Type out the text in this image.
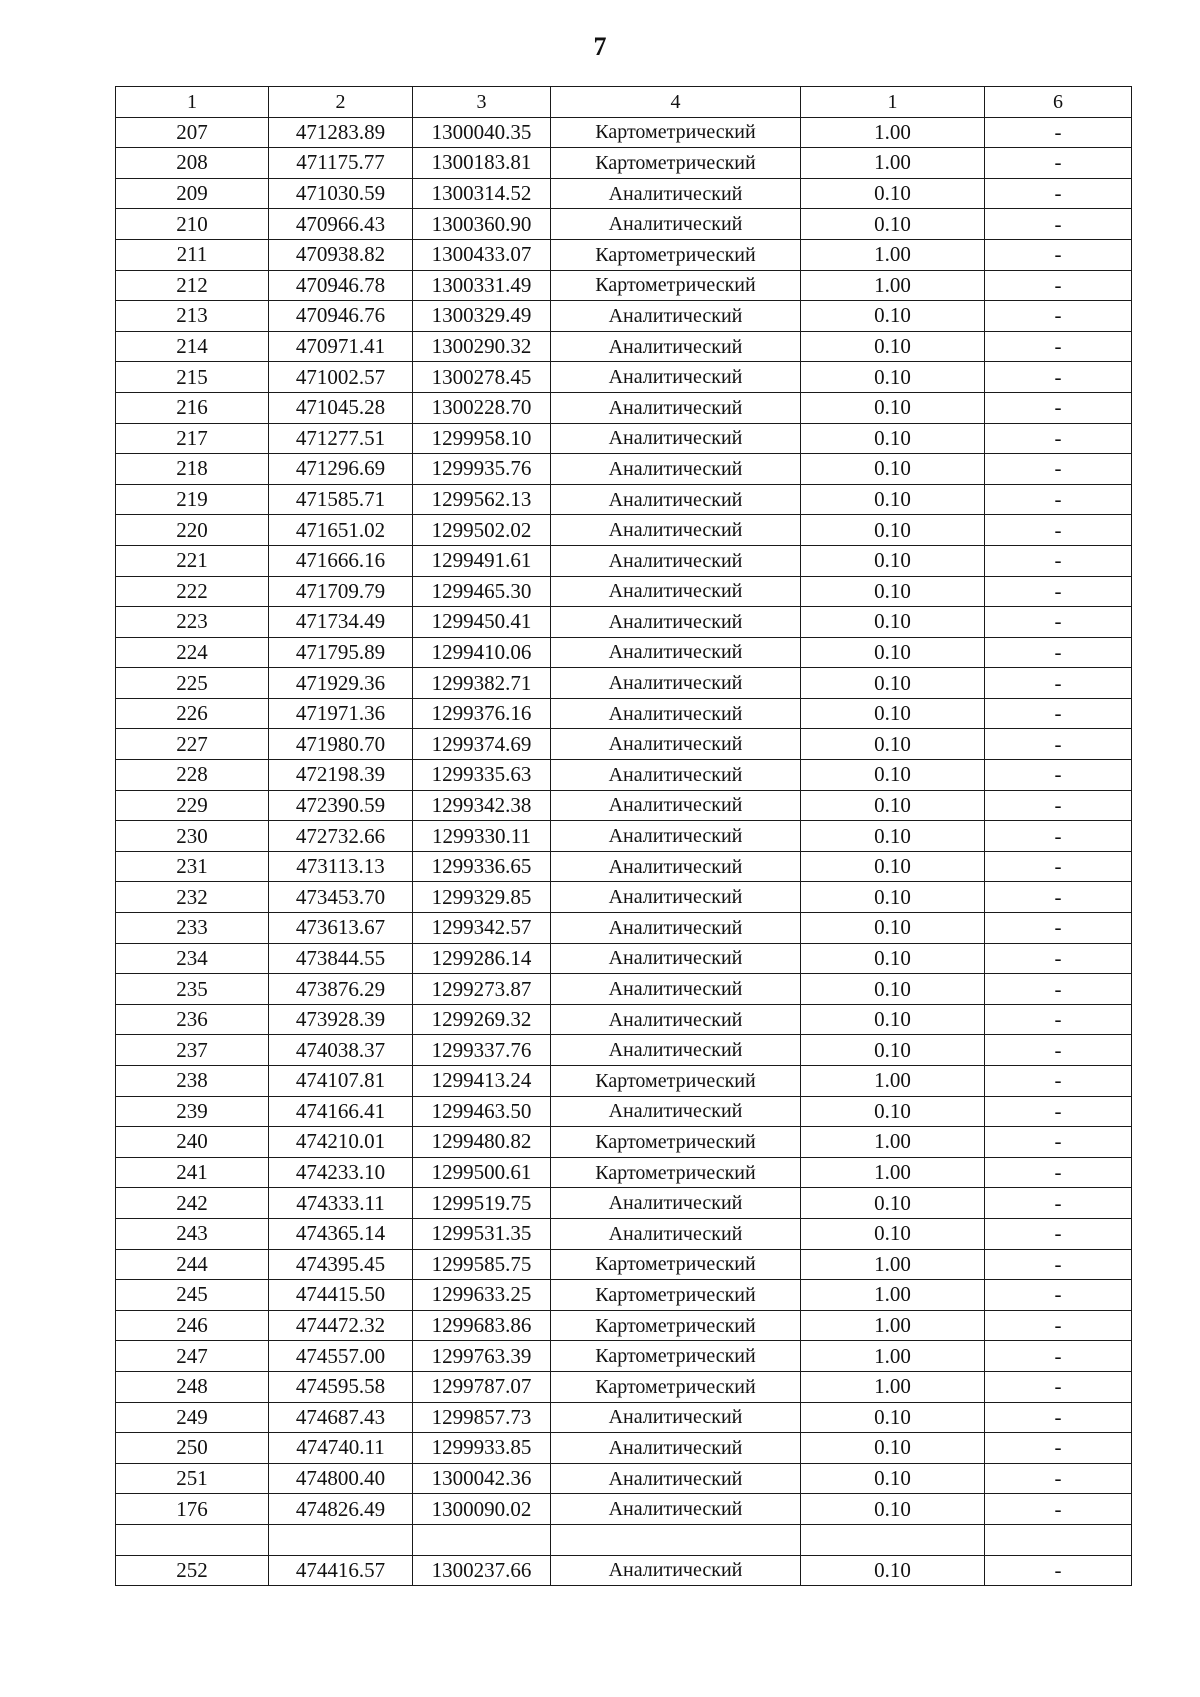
7
1	2	3	4	1	6
207	471283.89	1300040.35	Картометрический	1.00	-
208	471175.77	1300183.81	Картометрический	1.00	-
209	471030.59	1300314.52	Аналитический	0.10	-
210	470966.43	1300360.90	Аналитический	0.10	-
211	470938.82	1300433.07	Картометрический	1.00	-
212	470946.78	1300331.49	Картометрический	1.00	-
213	470946.76	1300329.49	Аналитический	0.10	-
214	470971.41	1300290.32	Аналитический	0.10	-
215	471002.57	1300278.45	Аналитический	0.10	-
216	471045.28	1300228.70	Аналитический	0.10	-
217	471277.51	1299958.10	Аналитический	0.10	-
218	471296.69	1299935.76	Аналитический	0.10	-
219	471585.71	1299562.13	Аналитический	0.10	-
220	471651.02	1299502.02	Аналитический	0.10	-
221	471666.16	1299491.61	Аналитический	0.10	-
222	471709.79	1299465.30	Аналитический	0.10	-
223	471734.49	1299450.41	Аналитический	0.10	-
224	471795.89	1299410.06	Аналитический	0.10	-
225	471929.36	1299382.71	Аналитический	0.10	-
226	471971.36	1299376.16	Аналитический	0.10	-
227	471980.70	1299374.69	Аналитический	0.10	-
228	472198.39	1299335.63	Аналитический	0.10	-
229	472390.59	1299342.38	Аналитический	0.10	-
230	472732.66	1299330.11	Аналитический	0.10	-
231	473113.13	1299336.65	Аналитический	0.10	-
232	473453.70	1299329.85	Аналитический	0.10	-
233	473613.67	1299342.57	Аналитический	0.10	-
234	473844.55	1299286.14	Аналитический	0.10	-
235	473876.29	1299273.87	Аналитический	0.10	-
236	473928.39	1299269.32	Аналитический	0.10	-
237	474038.37	1299337.76	Аналитический	0.10	-
238	474107.81	1299413.24	Картометрический	1.00	-
239	474166.41	1299463.50	Аналитический	0.10	-
240	474210.01	1299480.82	Картометрический	1.00	-
241	474233.10	1299500.61	Картометрический	1.00	-
242	474333.11	1299519.75	Аналитический	0.10	-
243	474365.14	1299531.35	Аналитический	0.10	-
244	474395.45	1299585.75	Картометрический	1.00	-
245	474415.50	1299633.25	Картометрический	1.00	-
246	474472.32	1299683.86	Картометрический	1.00	-
247	474557.00	1299763.39	Картометрический	1.00	-
248	474595.58	1299787.07	Картометрический	1.00	-
249	474687.43	1299857.73	Аналитический	0.10	-
250	474740.11	1299933.85	Аналитический	0.10	-
251	474800.40	1300042.36	Аналитический	0.10	-
176	474826.49	1300090.02	Аналитический	0.10	-

252	474416.57	1300237.66	Аналитический	0.10	-
